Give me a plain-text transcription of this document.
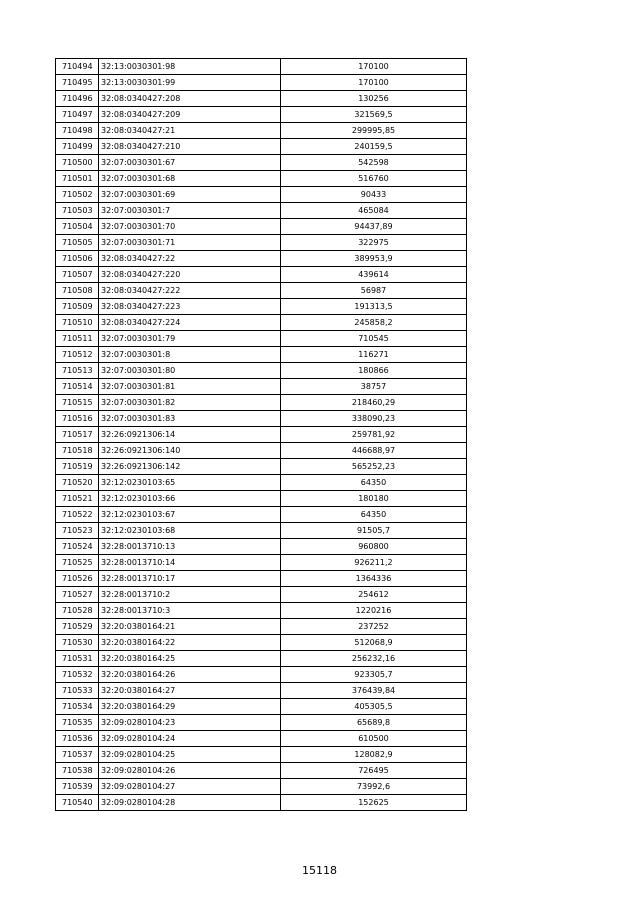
710494	32:13:0030301:98	170100
710495	32:13:0030301:99	170100
710496	32:08:0340427:208	130256
710497	32:08:0340427:209	321569,5
710498	32:08:0340427:21	299995,85
710499	32:08:0340427:210	240159,5
710500	32:07:0030301:67	542598
710501	32:07:0030301:68	516760
710502	32:07:0030301:69	90433
710503	32:07:0030301:7	465084
710504	32:07:0030301:70	94437,89
710505	32:07:0030301:71	322975
710506	32:08:0340427:22	389953,9
710507	32:08:0340427:220	439614
710508	32:08:0340427:222	56987
710509	32:08:0340427:223	191313,5
710510	32:08:0340427:224	245858,2
710511	32:07:0030301:79	710545
710512	32:07:0030301:8	116271
710513	32:07:0030301:80	180866
710514	32:07:0030301:81	38757
710515	32:07:0030301:82	218460,29
710516	32:07:0030301:83	338090,23
710517	32:26:0921306:14	259781,92
710518	32:26:0921306:140	446688,97
710519	32:26:0921306:142	565252,23
710520	32:12:0230103:65	64350
710521	32:12:0230103:66	180180
710522	32:12:0230103:67	64350
710523	32:12:0230103:68	91505,7
710524	32:28:0013710:13	960800
710525	32:28:0013710:14	926211,2
710526	32:28:0013710:17	1364336
710527	32:28:0013710:2	254612
710528	32:28:0013710:3	1220216
710529	32:20:0380164:21	237252
710530	32:20:0380164:22	512068,9
710531	32:20:0380164:25	256232,16
710532	32:20:0380164:26	923305,7
710533	32:20:0380164:27	376439,84
710534	32:20:0380164:29	405305,5
710535	32:09:0280104:23	65689,8
710536	32:09:0280104:24	610500
710537	32:09:0280104:25	128082,9
710538	32:09:0280104:26	726495
710539	32:09:0280104:27	73992,6
710540	32:09:0280104:28	152625
15118
